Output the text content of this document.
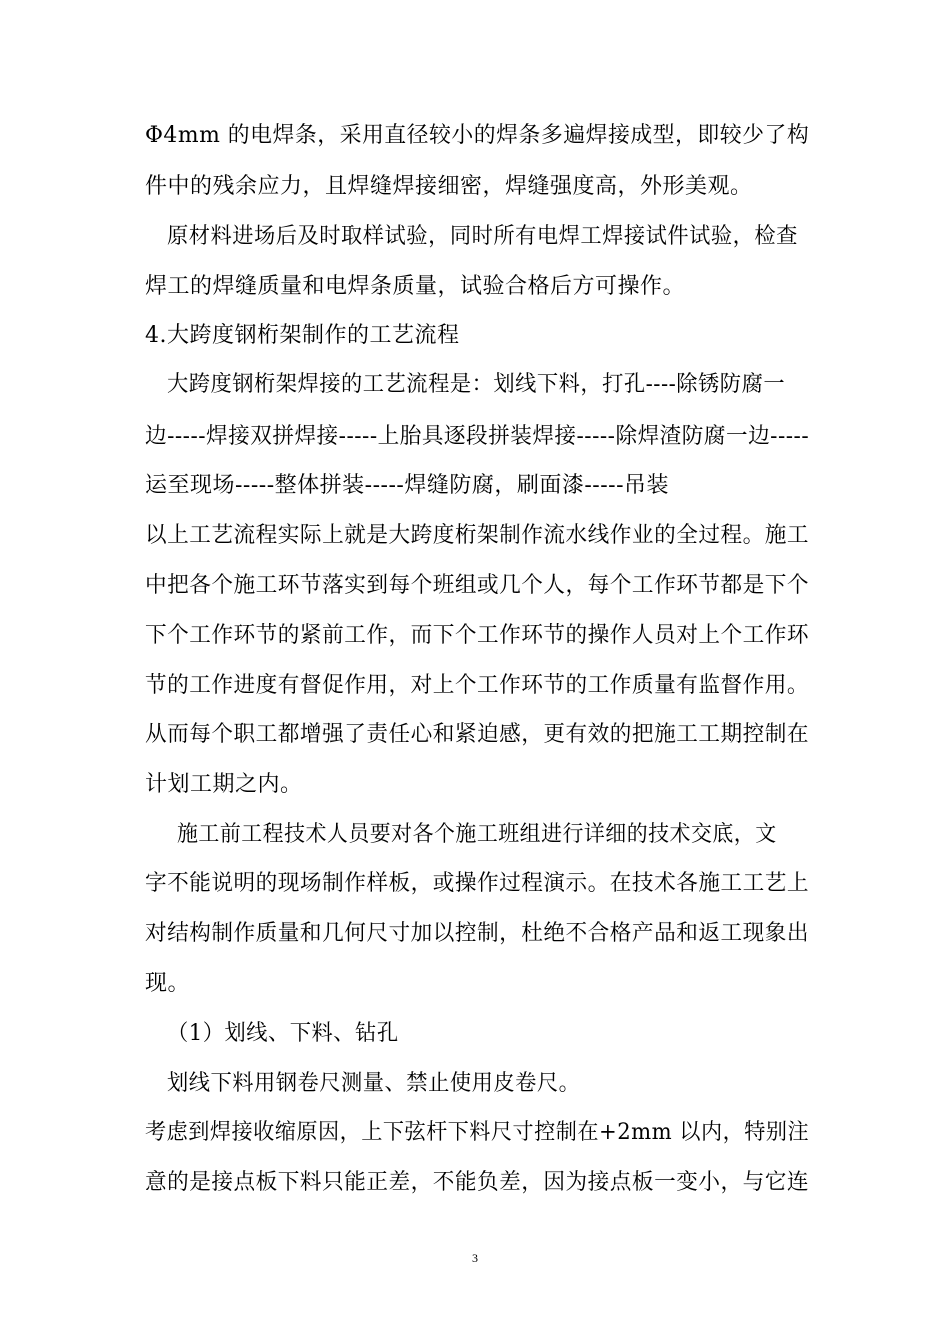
Φ4mm 的电焊条，采用直径较小的焊条多遍焊接成型，即较少了构
件中的残余应力，且焊缝焊接细密，焊缝强度高，外形美观。
原材料进场后及时取样试验，同时所有电焊工焊接试件试验，检查
焊工的焊缝质量和电焊条质量，试验合格后方可操作。
4.大跨度钢桁架制作的工艺流程
大跨度钢桁架焊接的工艺流程是：划线下料，打孔----除锈防腐一
边-----焊接双拼焊接-----上胎具逐段拼装焊接-----除焊渣防腐一边-----
运至现场-----整体拼装-----焊缝防腐，刷面漆-----吊装
以上工艺流程实际上就是大跨度桁架制作流水线作业的全过程。施工
中把各个施工环节落实到每个班组或几个人，每个工作环节都是下个
下个工作环节的紧前工作，而下个工作环节的操作人员对上个工作环
节的工作进度有督促作用，对上个工作环节的工作质量有监督作用。
从而每个职工都增强了责任心和紧迫感，更有效的把施工工期控制在
计划工期之内。
施工前工程技术人员要对各个施工班组进行详细的技术交底，文
字不能说明的现场制作样板，或操作过程演示。在技术各施工工艺上
对结构制作质量和几何尺寸加以控制，杜绝不合格产品和返工现象出
现。
（1）划线、下料、钻孔
划线下料用钢卷尺测量、禁止使用皮卷尺。
考虑到焊接收缩原因，上下弦杆下料尺寸控制在+2mm 以内，特别注
意的是接点板下料只能正差，不能负差，因为接点板一变小，与它连
3
